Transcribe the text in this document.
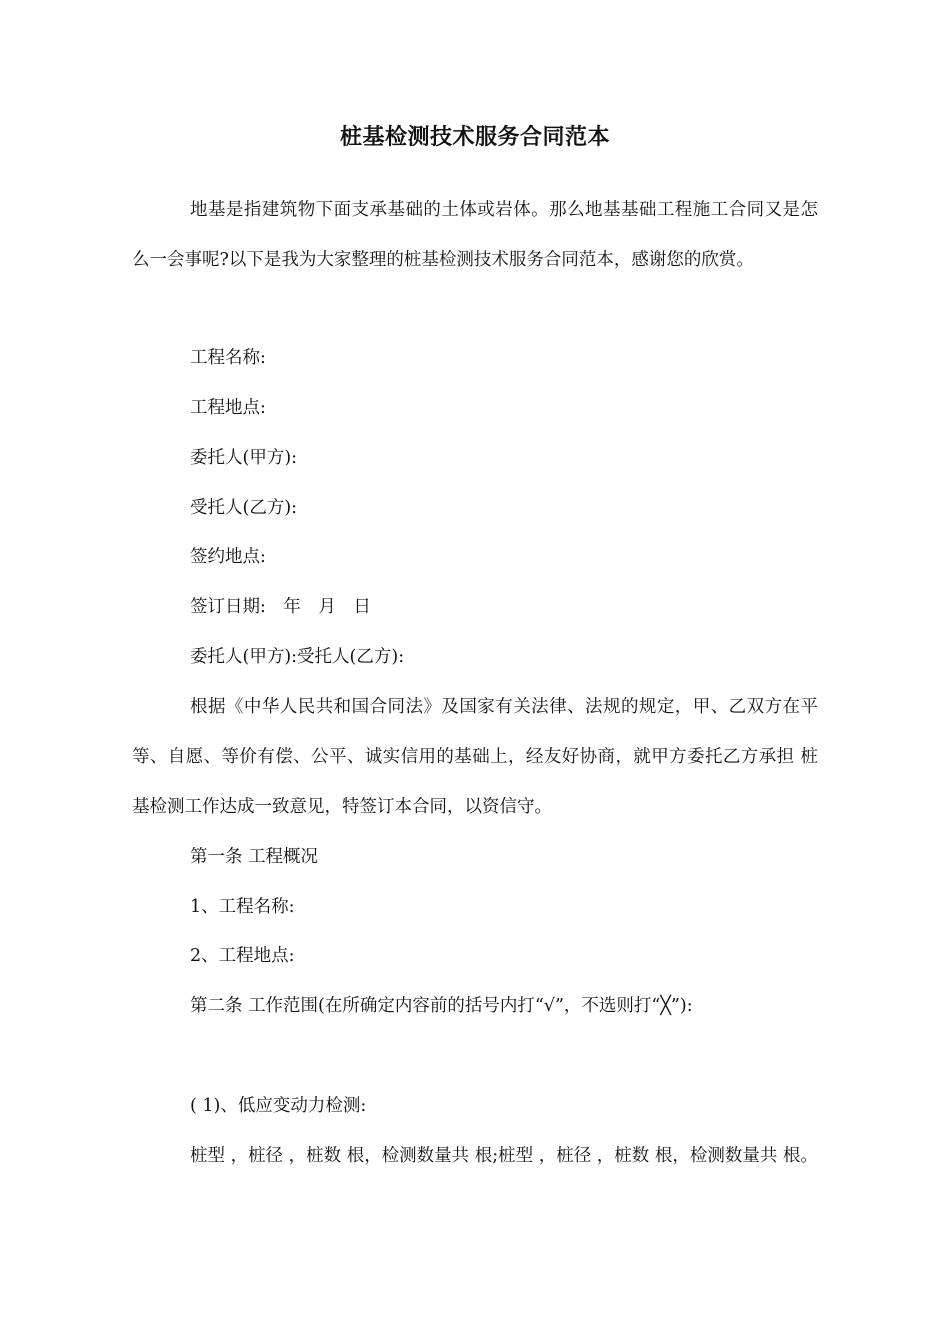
桩基检测技术服务合同范本
地基是指建筑物下面支承基础的土体或岩体。那么地基基础工程施工合同又是怎么一会事呢?以下是我为大家整理的桩基检测技术服务合同范本，感谢您的欣赏。
工程名称:
工程地点:
委托人(甲方):
受托人(乙方):
签约地点:
签订日期:　年　月　日
委托人(甲方):受托人(乙方):
根据《中华人民共和国合同法》及国家有关法律、法规的规定，甲、乙双方在平等、自愿、等价有偿、公平、诚实信用的基础上，经友好协商，就甲方委托乙方承担 桩基检测工作达成一致意见，特签订本合同，以资信守。
第一条 工程概况
1、工程名称:
2、工程地点:
第二条 工作范围(在所确定内容前的括号内打“√”，不选则打“╳”):
( 1)、低应变动力检测:
桩型 ，桩径 ，桩数 根，检测数量共 根;桩型 ，桩径 ，桩数 根，检测数量共 根。
